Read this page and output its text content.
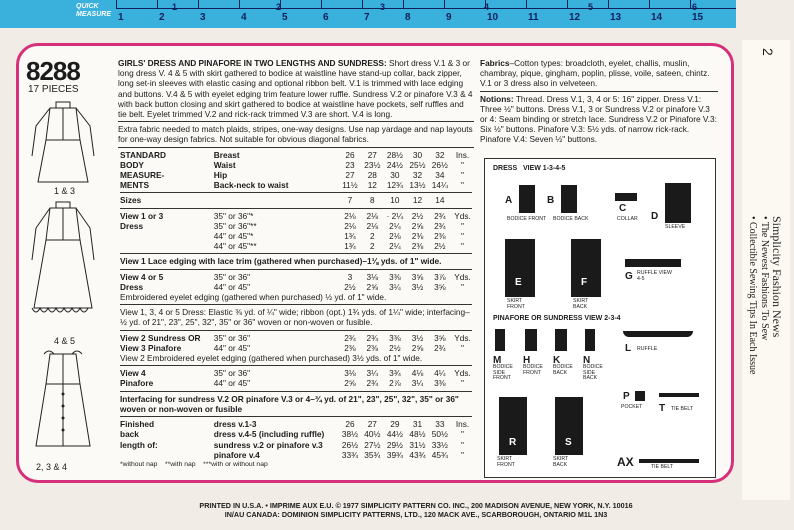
QUICK
MEASURE 1	2	3	4	5	6	7	8	9	10	11	12	13	14	15
1	2	3	4	5	6
8288
17 PIECES
1 & 3
4 & 5
2, 3 & 4

GIRLS' DRESS AND PINAFORE IN TWO LENGTHS AND SUNDRESS: Short dress V.1 & 3 or long dress V. 4 & 5 with skirt gathered to bodice at waistline have stand-up collar, back zipper, long set-in sleeves with elastic casing and optional ribbon belt. V.1 is trimmed with lace edging and buttons. V.4 & 5 with eyelet edging trim feature lower ruffle. Sundress V.2 or pinafore V.3 & 4 with back button closing and skirt gathered to bodice at waistline have pockets, self ruffles and tie belt. Eyelet trimmed V.2 and rick-rack trimmed V.3 are short. V.4 is long.

Extra fabric needed to match plaids, stripes, one-way designs. Use nap yardage and nap layouts for one-way design fabrics. Not suitable for obvious diagonal fabrics.

STANDARD	Breast	26	27	28½	30	32	Ins.
BODY	Waist	23	23½	24½	25½	26½	"
MEASURE-	Hip	27	28	30	32	34	"
MENTS	Back-neck to waist	11½	12	12¾	13½	14¼	"

Sizes		7	8	10	12	14	

View 1 or 3	35" or 36"*	2⅛	2⅛	· 2¼	2½	2¾	Yds.
Dress	35" or 36"**	2⅛	2⅛	2¼	2⅝	2¾	"
	44" or 45"*	1¾	2	2⅛	2⅜	2⅜	"
	44" or 45"**	1¾	2	2¼	2⅜	2½	"

View 1 Lace edging with lace trim (gathered when purchased)–1⅛ yds. of 1" wide.							

View 4 or 5	35" or 36"	3	3⅛	3⅜	3⅝	3⅞	Yds.
Dress	44" or 45"	2½	2⅝	3¼	3½	3⅝	"
Embroidered eyelet edging (gathered when purchased) ½ yd. of 1" wide.							

View 1, 3, 4 or 5 Dress: Elastic ⅜ yd. of ¼" wide; ribbon (opt.) 1¾ yds. of 1¼" wide; interfacing–½ yd. of 21", 23", 25", 32", 35" or 36" woven or non-woven or fusible.							

View 2 Sundress OR	35" or 36"	2¾	2¾	3⅜	3½	3⅝	Yds.
View 3 Pinafore	44" or 45"	2⅜	2⅜	2½	2⅝	2¾	"
View 2 Embroidered eyelet edging (gathered when purchased) 3½ yds. of 1" wide.							

View 4	35" or 36"	3⅛	3¼	3¾	4⅛	4¼	Yds.
Pinafore	44" or 45"	2⅝	2¾	2⅞	3¼	3⅜	"

Interfacing for sundress V.2 OR pinafore V.3 or 4–¾ yd. of 21", 23", 25", 32", 35" or 36" woven or non-woven or fusible							

Finished	dress v.1-3	26	27	29	31	33	Ins.
back	dress v.4-5 (including ruffle)	38½	40½	44½	48½	50½	"
length of:	sundress v.2 or pinafore v.3	26½	27½	29½	31½	33½	"
	pinafore v.4	33¾	35¾	39¾	43¾	45¾	"
*without nap **with nap ***with or without nap							

Fabrics–Cotton types: broadcloth, eyelet, challis, muslin, chambray, pique, gingham, poplin, plisse, voile, sateen, chintz. V.1 or 3 dress also in velveteen.

Notions: Thread. Dress V.1, 3, 4 or 5: 16" zipper. Dress V.1: Three ½" buttons. Dress V.1, 3 or Sundress V.2 or pinafore V.3 or 4: Seam binding or stretch lace. Sundress V.2 or Pinafore V.3: Six ½" buttons. Pinafore V.3: 5½ yds. of narrow rick-rack. Pinafore V.4: Seven ½" buttons.

DRESS VIEW 1-3-4-5
A
BODICE FRONT
B
BODICE BACK
C
COLLAR D
SLEEVE
E
SKIRT FRONT
F
SKIRT BACK
G RUFFLE VIEW 4-5
PINAFORE OR SUNDRESS VIEW 2-3-4
M
BODICE SIDE FRONT
H
BODICE FRONT
K
BODICE BACK
N
BODICE SIDE BACK
L RUFFLE
P
POCKET T TIE BELT
R
SKIRT FRONT
S
SKIRT BACK	AX	TIE BELT
2
Simplicity Fashion News
• The Newest Fashions To Sew
• Collectible Sewing Tips In Each Issue
PRINTED IN U.S.A. • IMPRIME AUX E.U. © 1977 SIMPLICITY PATTERN CO. INC., 200 MADISON AVENUE, NEW YORK, N.Y. 10016
IN/AU CANADA: DOMINION SIMPLICITY PATTERNS, LTD., 120 MACK AVE., SCARBOROUGH, ONTARIO M1L 1N3
